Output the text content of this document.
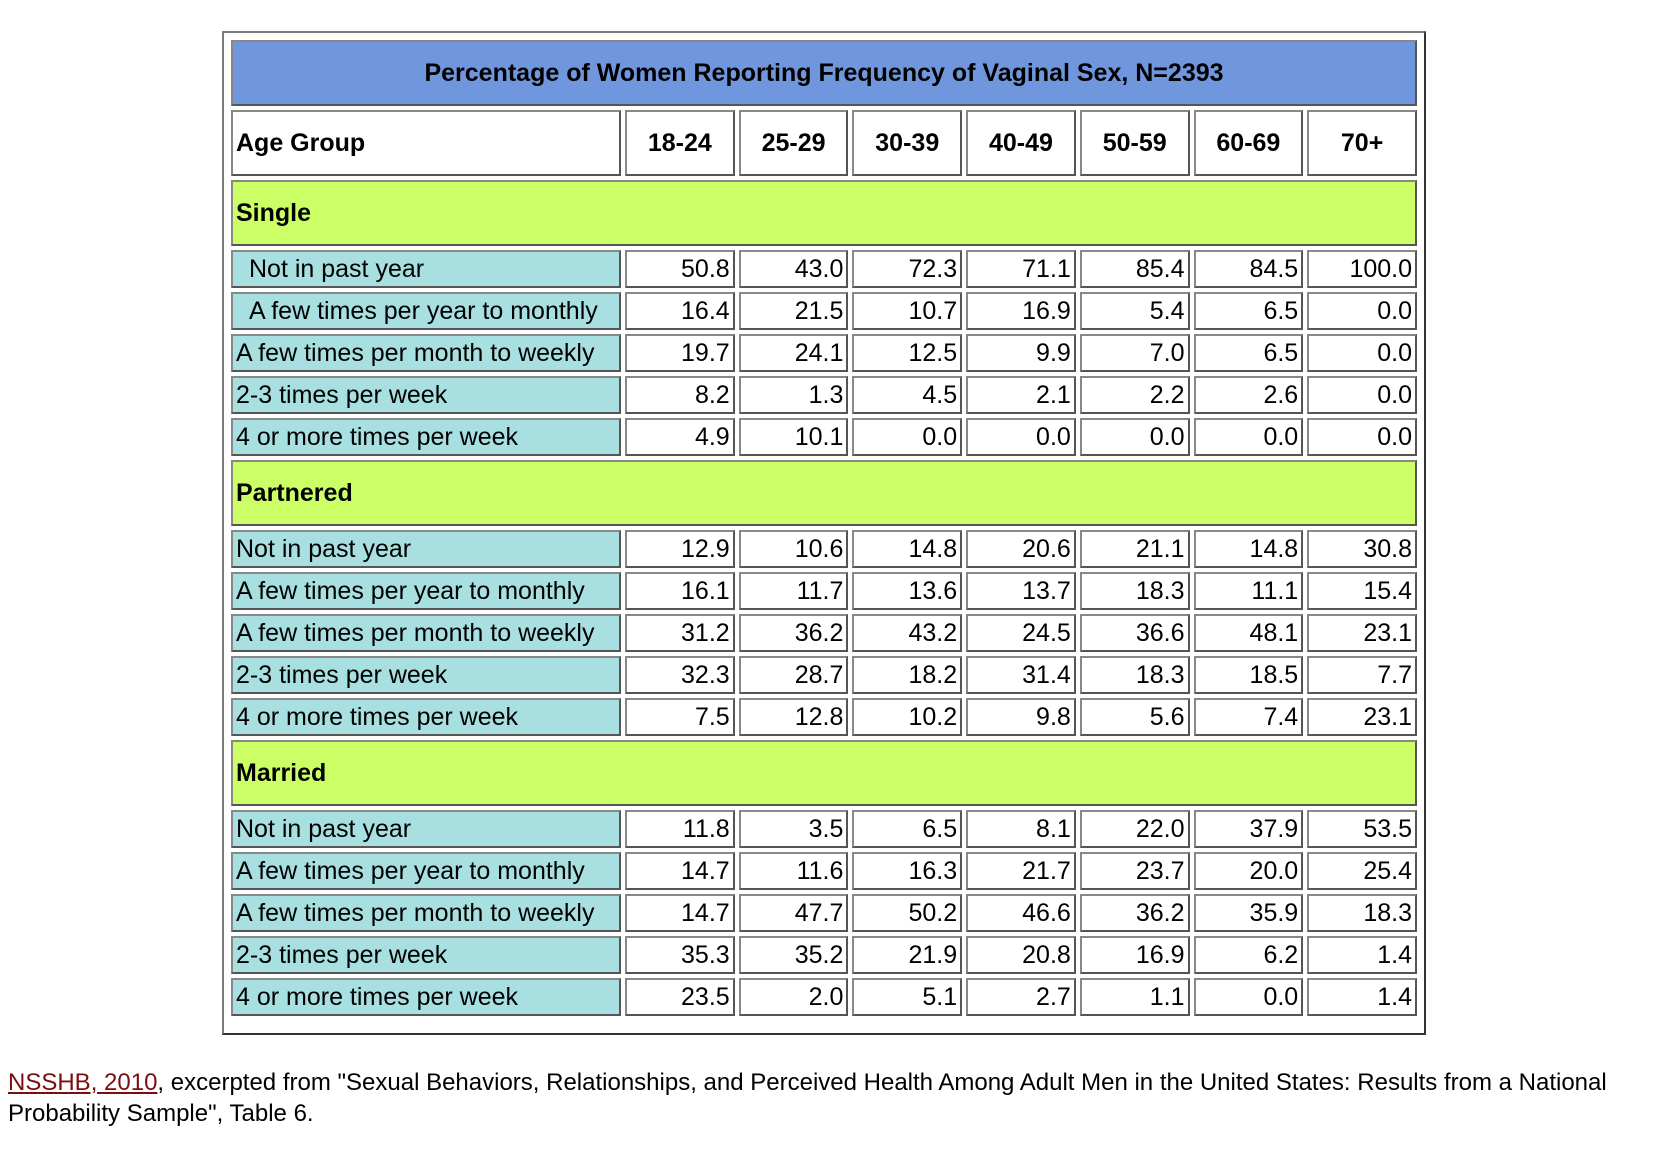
Percentage of Women Reporting Frequency of Vaginal Sex, N=2393							
Age Group	18-24	25-29	30-39	40-49	50-59	60-69	70+
Single							
Not in past year	50.8	43.0	72.3	71.1	85.4	84.5	100.0
A few times per year to monthly	16.4	21.5	10.7	16.9	5.4	6.5	0.0
A few times per month to weekly	19.7	24.1	12.5	9.9	7.0	6.5	0.0
2-3 times per week	8.2	1.3	4.5	2.1	2.2	2.6	0.0
4 or more times per week	4.9	10.1	0.0	0.0	0.0	0.0	0.0
Partnered							
Not in past year	12.9	10.6	14.8	20.6	21.1	14.8	30.8
A few times per year to monthly	16.1	11.7	13.6	13.7	18.3	11.1	15.4
A few times per month to weekly	31.2	36.2	43.2	24.5	36.6	48.1	23.1
2-3 times per week	32.3	28.7	18.2	31.4	18.3	18.5	7.7
4 or more times per week	7.5	12.8	10.2	9.8	5.6	7.4	23.1
Married							
Not in past year	11.8	3.5	6.5	8.1	22.0	37.9	53.5
A few times per year to monthly	14.7	11.6	16.3	21.7	23.7	20.0	25.4
A few times per month to weekly	14.7	47.7	50.2	46.6	36.2	35.9	18.3
2-3 times per week	35.3	35.2	21.9	20.8	16.9	6.2	1.4
4 or more times per week	23.5	2.0	5.1	2.7	1.1	0.0	1.4
NSSHB, 2010, excerpted from "Sexual Behaviors, Relationships, and Perceived Health Among Adult Men in the United States: Results from a National Probability Sample", Table 6.
